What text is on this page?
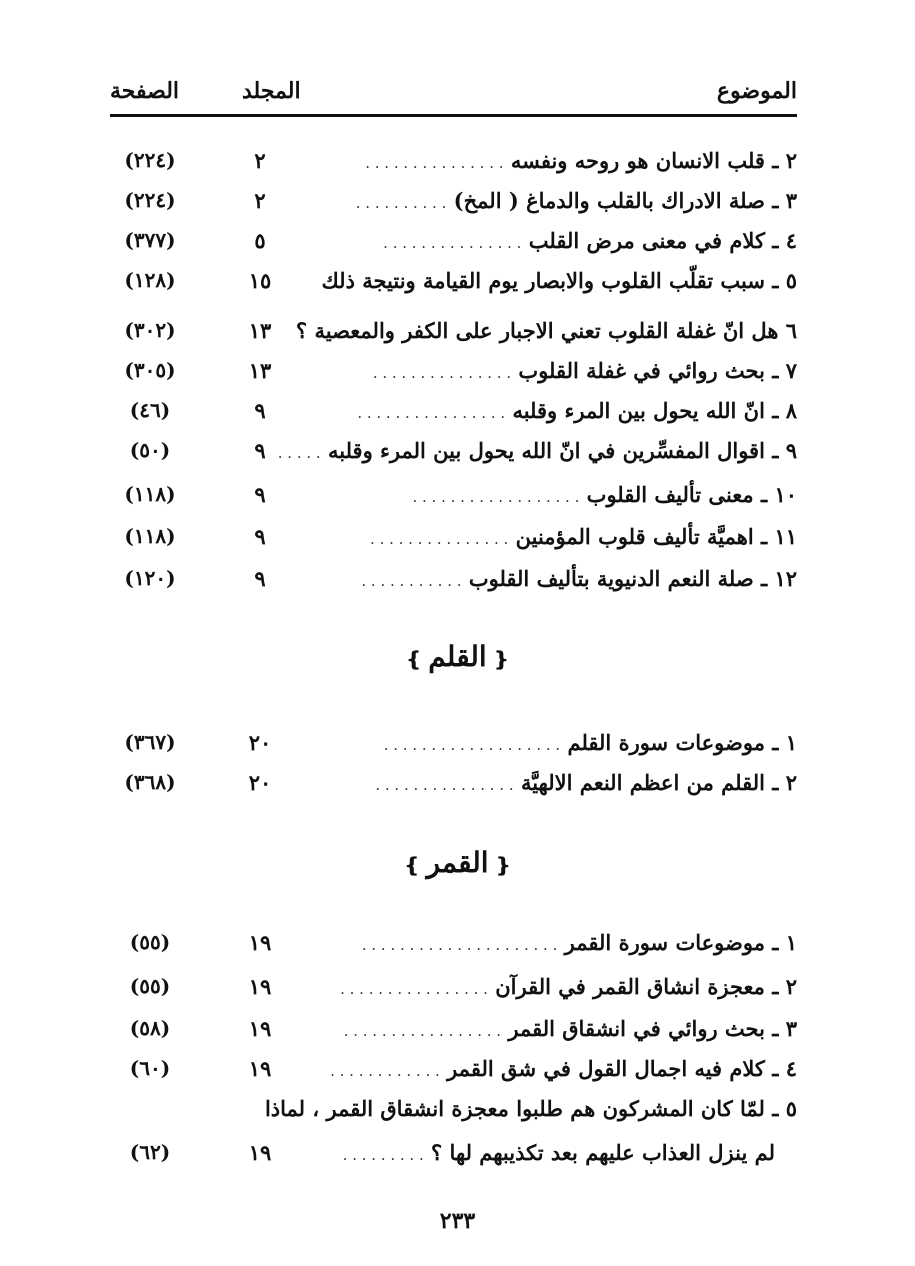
الموضوع
المجلد
الصفحة
٢ ـ قلب الانسان هو روحه ونفسه . . . . . . . . . . . . . . .
٢
(٢٢٤)
٣ ـ صلة الادراك بالقلب والدماغ ( المخ) . . . . . . . . . .
٢
(٢٢٤)
٤ ـ كلام في معنى مرض القلب . . . . . . . . . . . . . . .
٥
(٣٧٧)
٥ ـ سبب تقلّب القلوب والابصار يوم القيامة ونتيجة ذلك
١٥
(١٢٨)
٦ هل انّ غفلة القلوب تعني الاجبار على الكفر والمعصية ؟
١٣
(٣٠٢)
٧ ـ بحث روائي في غفلة القلوب . . . . . . . . . . . . . . .
١٣
(٣٠٥)
٨ ـ انّ الله يحول بين المرء وقلبه . . . . . . . . . . . . . . . .
٩
(٤٦)
٩ ـ اقوال المفسِّرين في انّ الله يحول بين المرء وقلبه . . . . .
٩
(٥٠)
١٠ ـ معنى تأليف القلوب . . . . . . . . . . . . . . . . . .
٩
(١١٨)
١١ ـ اهميَّة تأليف قلوب المؤمنين . . . . . . . . . . . . . . .
٩
(١١٨)
١٢ ـ صلة النعم الدنيوية بتأليف القلوب . . . . . . . . . . .
٩
(١٢٠)
❴القلم❵
١ ـ موضوعات سورة القلم . . . . . . . . . . . . . . . . . . .
٢٠
(٣٦٧)
٢ ـ القلم من اعظم النعم الالهيَّة . . . . . . . . . . . . . . .
٢٠
(٣٦٨)
❴القمر❵
١ ـ موضوعات سورة القمر . . . . . . . . . . . . . . . . . . . . .
١٩
(٥٥)
٢ ـ معجزة انشاق القمر في القرآن . . . . . . . . . . . . . . . .
١٩
(٥٥)
٣ ـ بحث روائي في انشقاق القمر . . . . . . . . . . . . . . . . .
١٩
(٥٨)
٤ ـ كلام فيه اجمال القول في شق القمر . . . . . . . . . . . .
١٩
(٦٠)
٥ ـ لمّا كان المشركون هم طلبوا معجزة انشقاق القمر ، لماذا
لم ينزل العذاب عليهم بعد تكذيبهم لها ؟ . . . . . . . . .
١٩
(٦٢)
٢٣٣
